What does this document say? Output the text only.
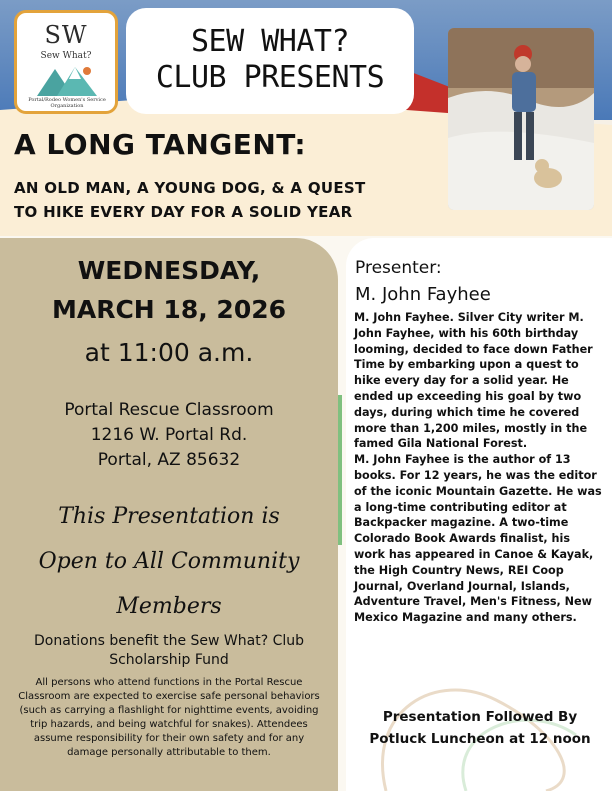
SW
Sew What?
Portal/Rodeo Women's Service Organization
SEW WHAT?
CLUB PRESENTS
A LONG TANGENT:
AN OLD MAN, A YOUNG DOG, & A QUEST
TO HIKE EVERY DAY FOR A SOLID YEAR
WEDNESDAY,
MARCH 18, 2026
at 11:00 a.m.
Portal Rescue Classroom
1216 W. Portal Rd.
Portal, AZ 85632
This Presentation is
Open to All Community
Members
Donations benefit the Sew What? Club Scholarship Fund
All persons who attend functions in the Portal Rescue Classroom are expected to exercise safe personal behaviors (such as carrying a flashlight for nighttime events, avoiding trip hazards, and being watchful for snakes). Attendees assume responsibility for their own safety and for any damage personally attributable to them.
Presenter:
M. John Fayhee
M. John Fayhee. Silver City writer M. John Fayhee, with his 60th birthday looming, decided to face down Father Time by embarking upon a quest to hike every day for a solid year. He ended up exceeding his goal by two days, during which time he covered more than 1,200 miles, mostly in the famed Gila National Forest.
M. John Fayhee is the author of 13 books. For 12 years, he was the editor of the iconic Mountain Gazette. He was a long-time contributing editor at Backpacker magazine. A two-time Colorado Book Awards finalist, his work has appeared in Canoe & Kayak, the High Country News, REI Coop Journal, Overland Journal, Islands, Adventure Travel, Men's Fitness, New Mexico Magazine and many others.
Presentation Followed By
Potluck Luncheon at 12 noon
